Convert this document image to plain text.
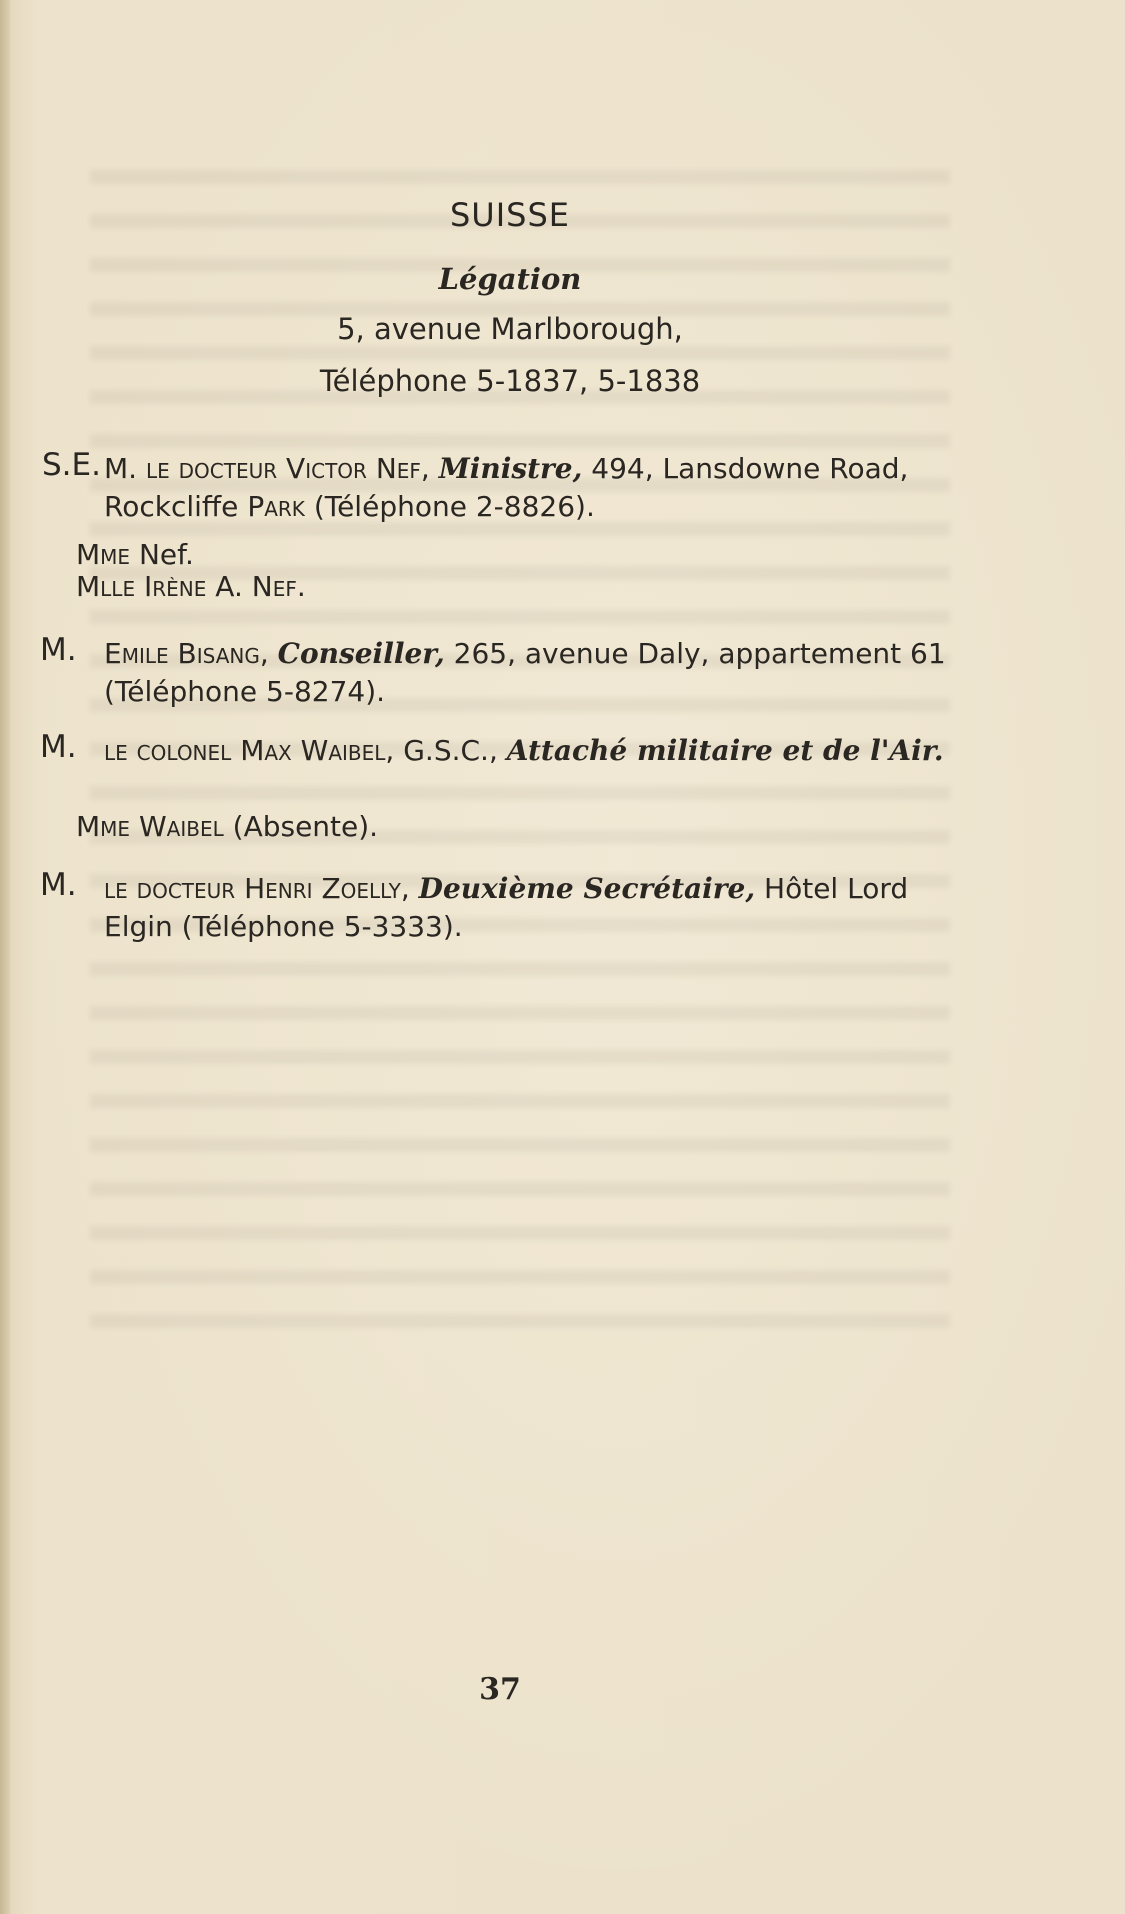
SUISSE
Légation
5, avenue Marlborough,
Téléphone 5-1837, 5-1838
S.E. M. le docteur Victor Nef, Ministre, 494, Lansdowne Road, Rockcliffe Park (Téléphone 2-8826).
Mme Nef.
Mlle Irène A. Nef.
M. Emile Bisang, Conseiller, 265, avenue Daly, appartement 61 (Téléphone 5-8274).
M. le colonel Max Waibel, G.S.C., Attaché militaire et de l'Air.
Mme Waibel (Absente).
M. le docteur Henri Zoelly, Deuxième Secrétaire, Hôtel Lord Elgin (Téléphone 5-3333).
37
